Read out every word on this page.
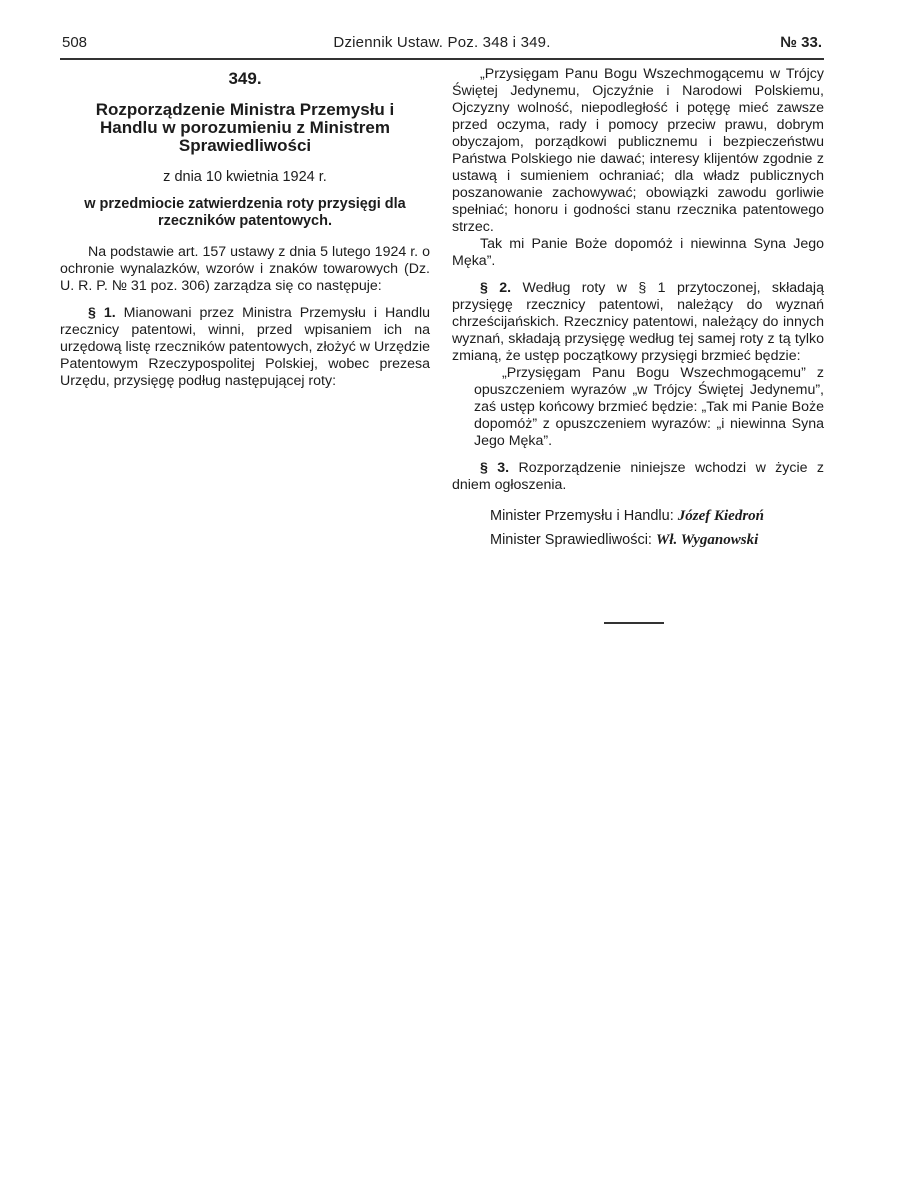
508	Dziennik Ustaw. Poz. 348 i 349.	№ 33.

349.

Rozporządzenie Ministra Przemysłu i Handlu w porozumieniu z Ministrem Sprawiedliwości

z dnia 10 kwietnia 1924 r.

w przedmiocie zatwierdzenia roty przysięgi dla rzeczników patentowych.

Na podstawie art. 157 ustawy z dnia 5 lutego 1924 r. o ochronie wynalazków, wzorów i znaków towarowych (Dz. U. R. P. № 31 poz. 306) zarządza się co następuje:

§ 1. Mianowani przez Ministra Przemysłu i Handlu rzecznicy patentowi, winni, przed wpisaniem ich na urzędową listę rzeczników patentowych, złożyć w Urzędzie Patentowym Rzeczypospolitej Polskiej, wobec prezesa Urzędu, przysięgę podług następującej roty:

„Przysięgam Panu Bogu Wszechmogącemu w Trójcy Świętej Jedynemu, Ojczyźnie i Narodowi Polskiemu, Ojczyzny wolność, niepodległość i potęgę mieć zawsze przed oczyma, rady i pomocy przeciw prawu, dobrym obyczajom, porządkowi publicznemu i bezpieczeństwu Państwa Polskiego nie dawać; interesy klijentów zgodnie z ustawą i sumieniem ochraniać; dla władz publicznych poszanowanie zachowywać; obowiązki zawodu gorliwie spełniać; honoru i godności stanu rzecznika patentowego strzec.

Tak mi Panie Boże dopomóż i niewinna Syna Jego Męka”.

§ 2. Według roty w § 1 przytoczonej, składają przysięgę rzecznicy patentowi, należący do wyznań chrześcijańskich. Rzecznicy patentowi, należący do innych wyznań, składają przysięgę według tej samej roty z tą tylko zmianą, że ustęp początkowy przysięgi brzmieć będzie:

„Przysięgam Panu Bogu Wszechmogącemu” z opuszczeniem wyrazów „w Trójcy Świętej Jedynemu”, zaś ustęp końcowy brzmieć będzie: „Tak mi Panie Boże dopomóż” z opuszczeniem wyrazów: „i niewinna Syna Jego Męka”.

§ 3. Rozporządzenie niniejsze wchodzi w życie z dniem ogłoszenia.

Minister Przemysłu i Handlu: Józef Kiedroń
Minister Sprawiedliwości: Wł. Wyganowski
